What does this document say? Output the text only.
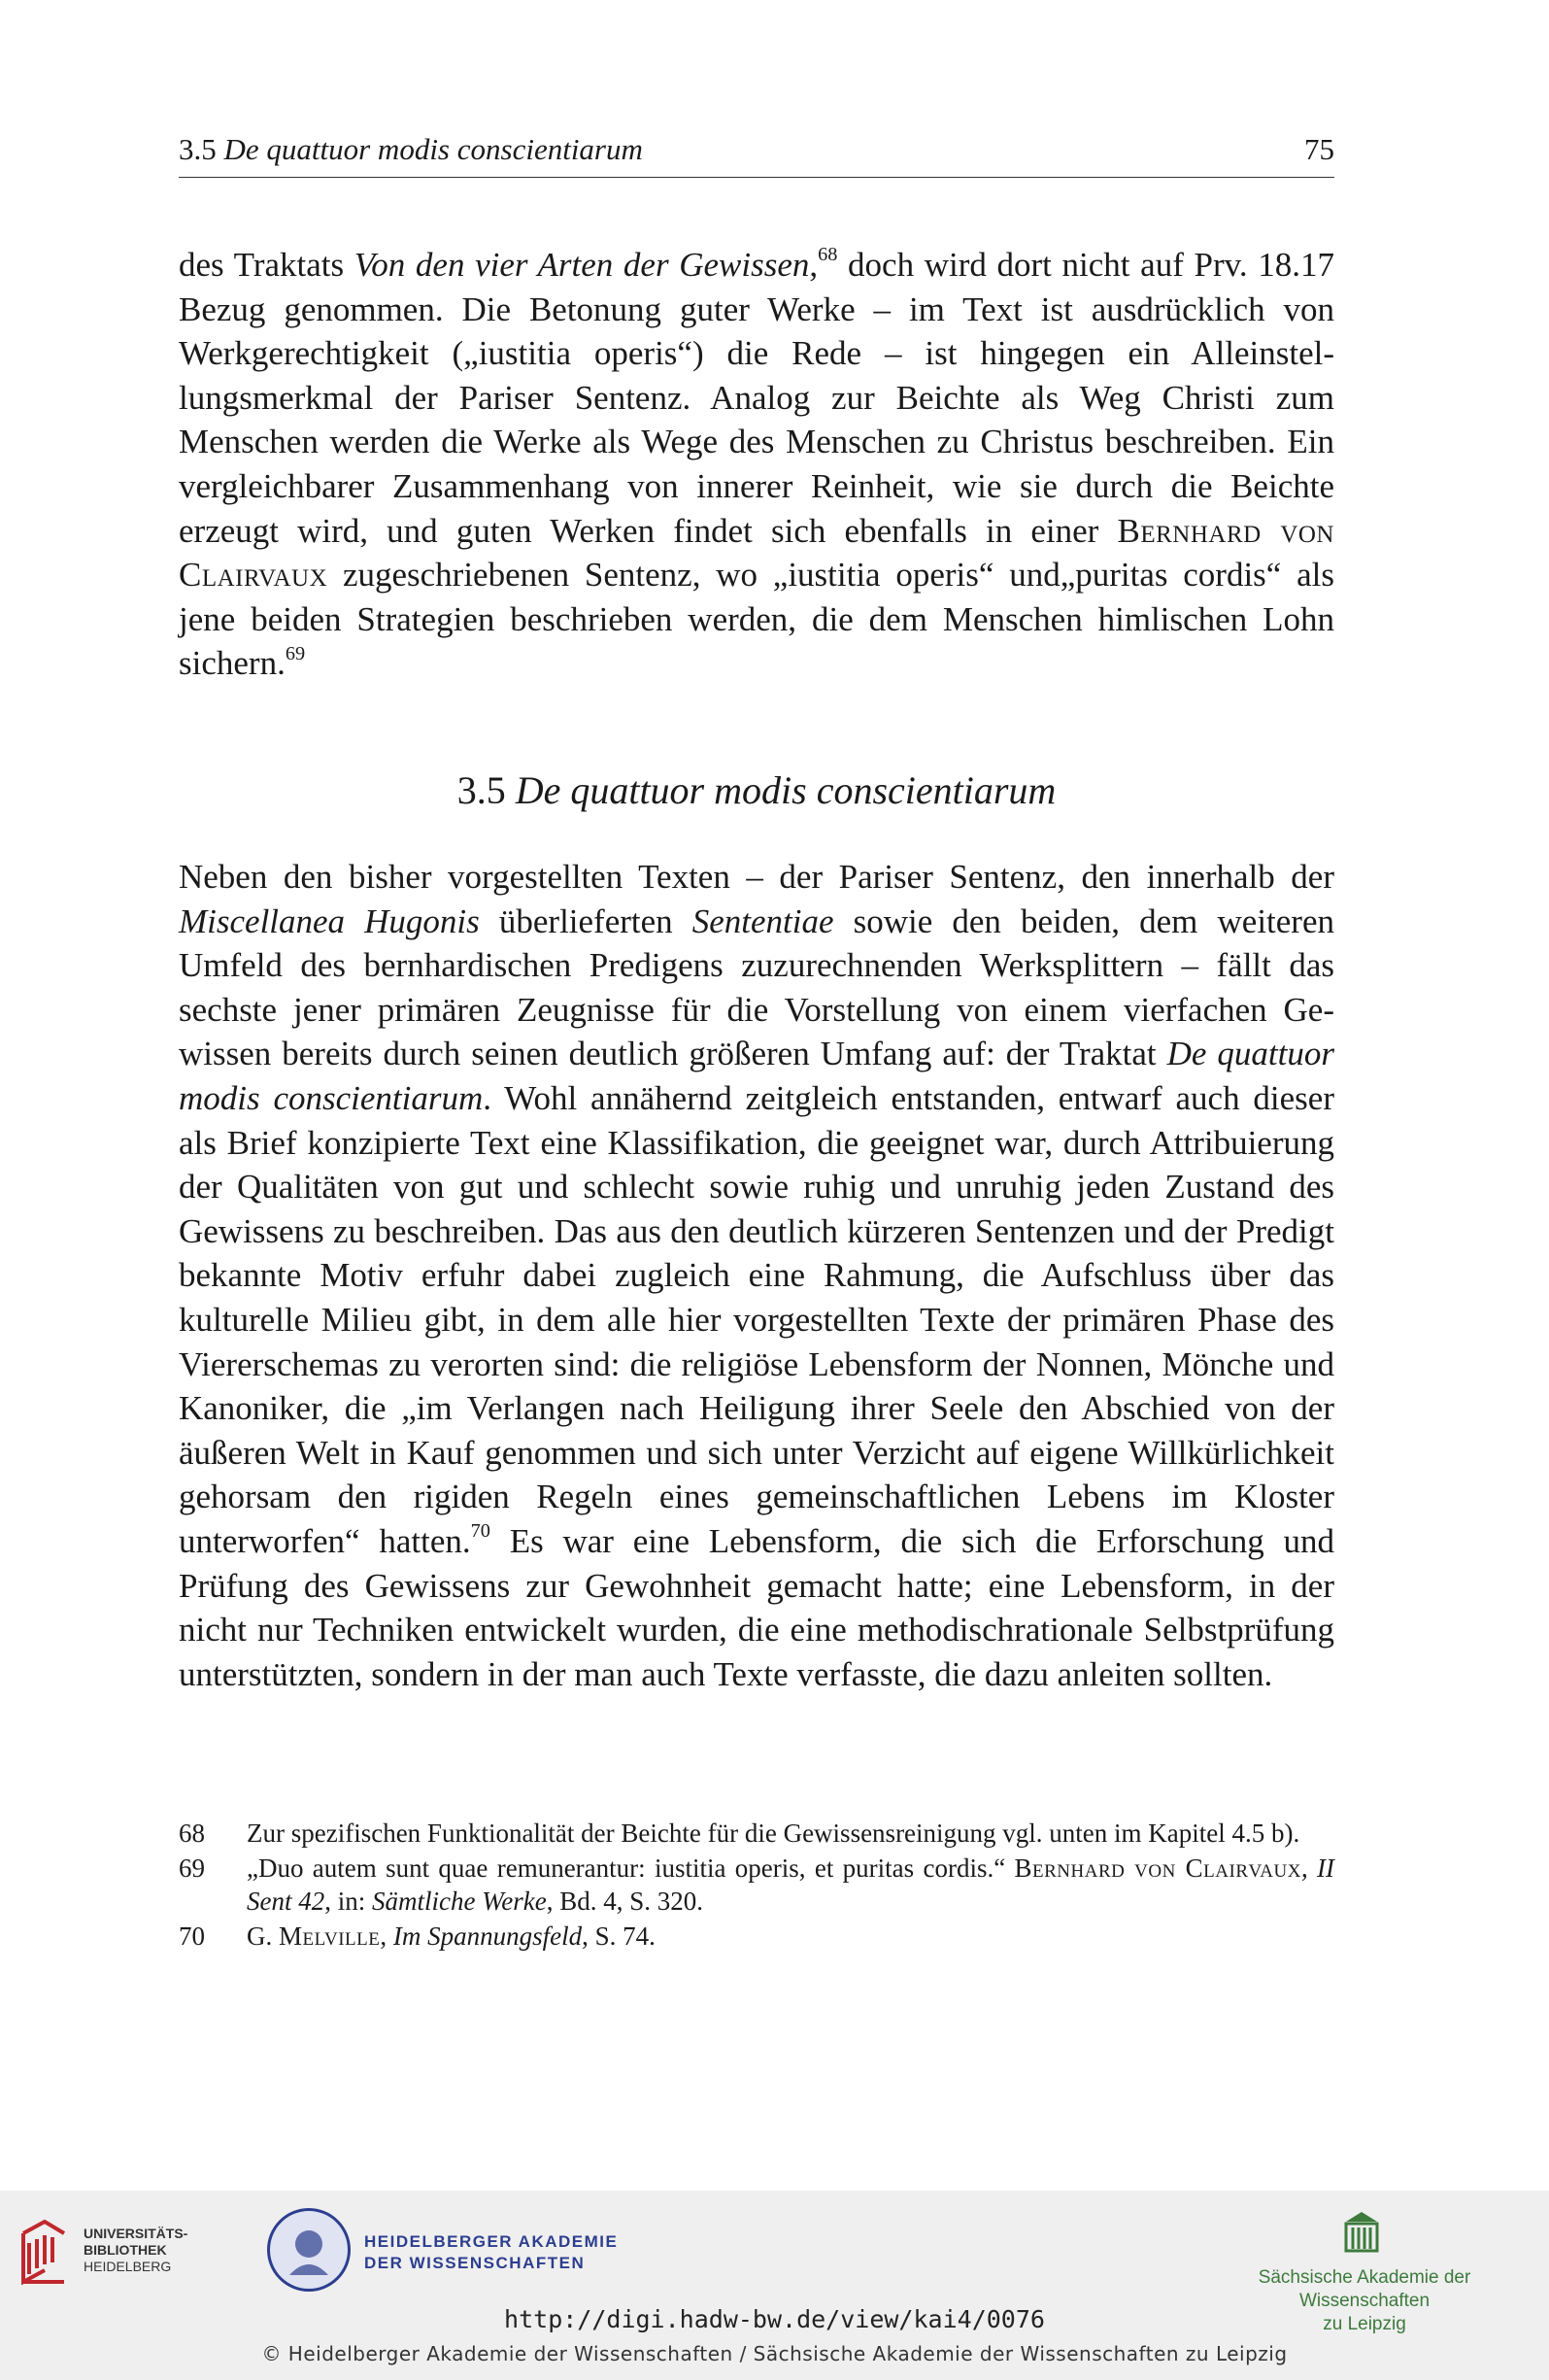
3.5 De quattuor modis conscientiarum	75

des Traktats Von den vier Arten der Gewissen,$^{68}$ doch wird dort nicht auf Prv. 18.17 Bezug genommen. Die Betonung guter Werke – im Text ist ausdrücklich von Werkgerechtigkeit („iustitia operis“) die Rede – ist hingegen ein Alleinstellungsmerkmal der Pariser Sentenz. Analog zur Beichte als Weg Christi zum Menschen werden die Werke als Wege des Menschen zu Christus beschreiben. Ein vergleichbarer Zusammenhang von innerer Reinheit, wie sie durch die Beichte erzeugt wird, und guten Werken findet sich ebenfalls in einer Bernhard von Clairvaux zugeschriebenen Sentenz, wo „iustitia operis“ und„puritas cordis“ als jene beiden Strategien beschrieben werden, die dem Menschen himlischen Lohn sichern.$^{69}$

3.5 De quattuor modis conscientiarum

Neben den bisher vorgestellten Texten – der Pariser Sentenz, den innerhalb der Miscellanea Hugonis überlieferten Sententiae sowie den beiden, dem weiteren Umfeld des bernhardischen Predigens zuzurechnenden Werksplittern – fällt das sechste jener primären Zeugnisse für die Vorstellung von einem vierfachen Gewissen bereits durch seinen deutlich größeren Umfang auf: der Traktat De quattuor modis conscientiarum. Wohl annähernd zeitgleich entstanden, entwarf auch dieser als Brief konzipierte Text eine Klassifikation, die geeignet war, durch Attribuierung der Qualitäten von gut und schlecht sowie ruhig und unruhig jeden Zustand des Gewissens zu beschreiben. Das aus den deutlich kürzeren Sentenzen und der Predigt bekannte Motiv erfuhr dabei zugleich eine Rahmung, die Aufschluss über das kulturelle Milieu gibt, in dem alle hier vorgestellten Texte der primären Phase des Viererschemas zu verorten sind: die religiöse Lebensform der Nonnen, Mönche und Kanoniker, die „im Verlangen nach Heiligung ihrer Seele den Abschied von der äußeren Welt in Kauf genommen und sich unter Verzicht auf eigene Willkürlichkeit gehorsam den rigiden Regeln eines gemeinschaftlichen Lebens im Kloster unterworfen“ hatten.$^{70}$ Es war eine Lebensform, die sich die Erforschung und Prüfung des Gewissens zur Gewohnheit gemacht hatte; eine Lebensform, in der nicht nur Techniken entwickelt wurden, die eine methodischrationale Selbstprüfung unterstützten, sondern in der man auch Texte verfasste, die dazu anleiten sollten.

68 Zur spezifischen Funktionalität der Beichte für die Gewissensreinigung vgl. unten im Kapitel 4.5 b).
69 „Duo autem sunt quae remunerantur: iustitia operis, et puritas cordis.“ Bernhard von Clairvaux, II Sent 42, in: Sämtliche Werke, Bd. 4, S. 320.
70 G. Melville, Im Spannungsfeld, S. 74.
UNIVERSITÄTS-
BIBLIOTHEK
HEIDELBERG
HEIDELBERGER AKADEMIE
DER WISSENSCHAFTEN
Sächsische Akademie der Wissenschaften
zu Leipzig
http://digi.hadw-bw.de/view/kai4/0076
© Heidelberger Akademie der Wissenschaften / Sächsische Akademie der Wissenschaften zu Leipzig
